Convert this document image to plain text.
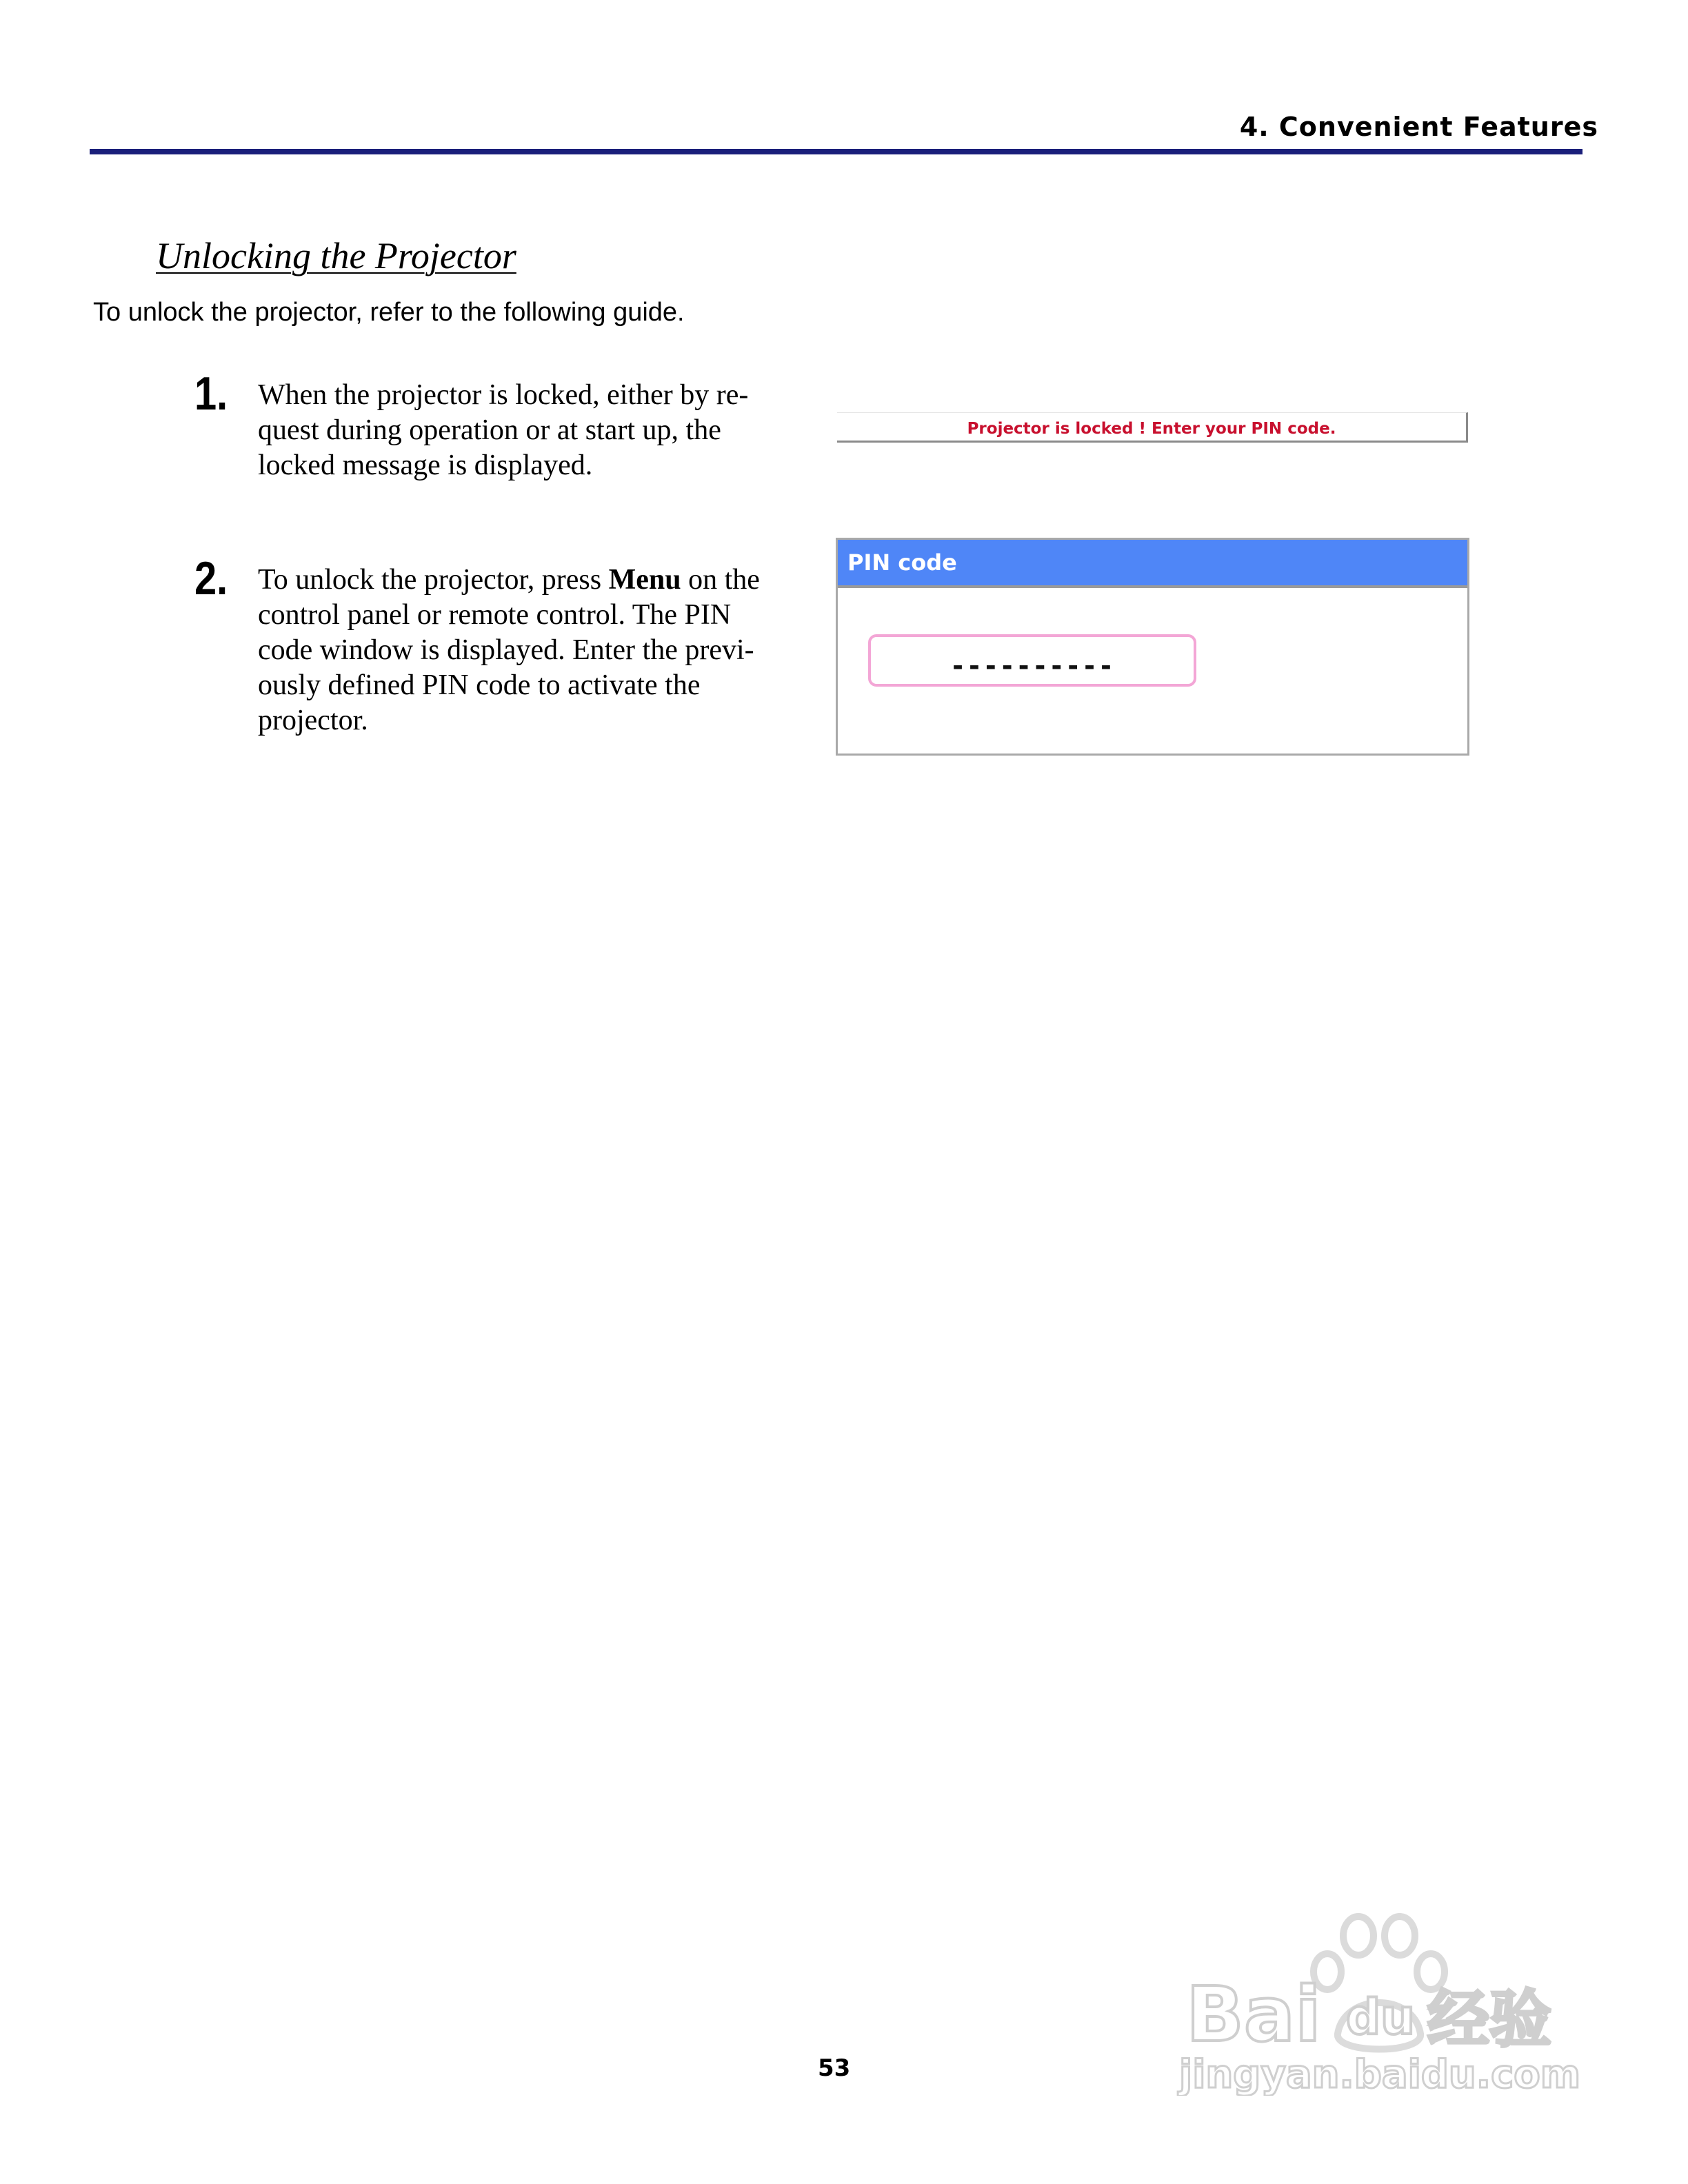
4. Convenient Features
Unlocking the Projector
To unlock the projector, refer to the following guide.
1. When the projector is locked, either by re-
quest during operation or at start up, the
locked message is displayed.
2. To unlock the projector, press Menu on the
control panel or remote control. The PIN
code window is displayed. Enter the previ-
ously defined PIN code to activate the
projector.
Projector is locked ! Enter your PIN code.
PIN code
----------
53
Bai du 经验
jingyan.baidu.com
